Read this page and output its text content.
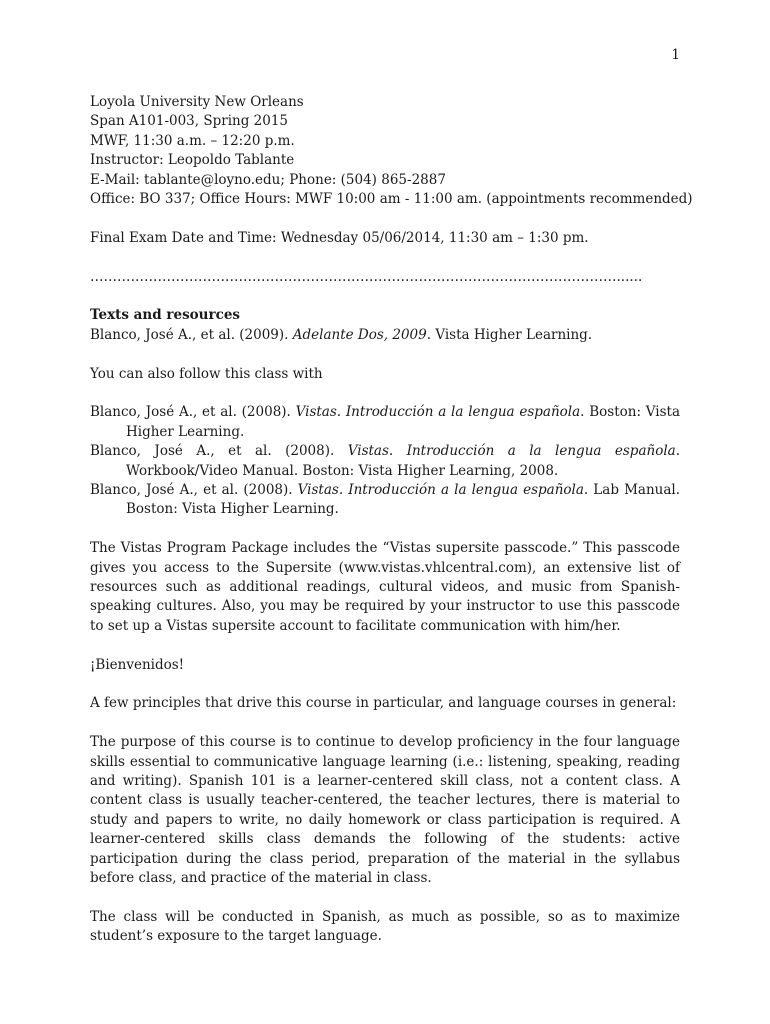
1
Loyola University New Orleans
Span A101-003, Spring 2015
MWF, 11:30 a.m. – 12:20 p.m.
Instructor: Leopoldo Tablante
E-Mail: tablante@loyno.edu; Phone: (504) 865-2887
Office: BO 337; Office Hours: MWF 10:00 am - 11:00 am. (appointments recommended)

Final Exam Date and Time: Wednesday 05/06/2014, 11:30 am – 1:30 pm.

………………………………………………………………………………………………………......

Texts and resources

Blanco, José A., et al. (2009). Adelante Dos, 2009. Vista Higher Learning.

You can also follow this class with

Blanco, José A., et al. (2008). Vistas. Introducción a la lengua española. Boston: Vista Higher Learning.

Blanco, José A., et al. (2008). Vistas. Introducción a la lengua española. Workbook/Video Manual. Boston: Vista Higher Learning, 2008.

Blanco, José A., et al. (2008). Vistas. Introducción a la lengua española. Lab Manual. Boston: Vista Higher Learning.

The Vistas Program Package includes the “Vistas supersite passcode.” This passcode gives you access to the Supersite (www.vistas.vhlcentral.com), an extensive list of resources such as additional readings, cultural videos, and music from Spanish-speaking cultures. Also, you may be required by your instructor to use this passcode to set up a Vistas supersite account to facilitate communication with him/her.

¡Bienvenidos!

A few principles that drive this course in particular, and language courses in general:

The purpose of this course is to continue to develop proficiency in the four language skills essential to communicative language learning (i.e.: listening, speaking, reading and writing). Spanish 101 is a learner-centered skill class, not a content class. A content class is usually teacher-centered, the teacher lectures, there is material to study and papers to write, no daily homework or class participation is required. A learner-centered skills class demands the following of the students: active participation during the class period, preparation of the material in the syllabus before class, and practice of the material in class.

The class will be conducted in Spanish, as much as possible, so as to maximize student’s exposure to the target language.
